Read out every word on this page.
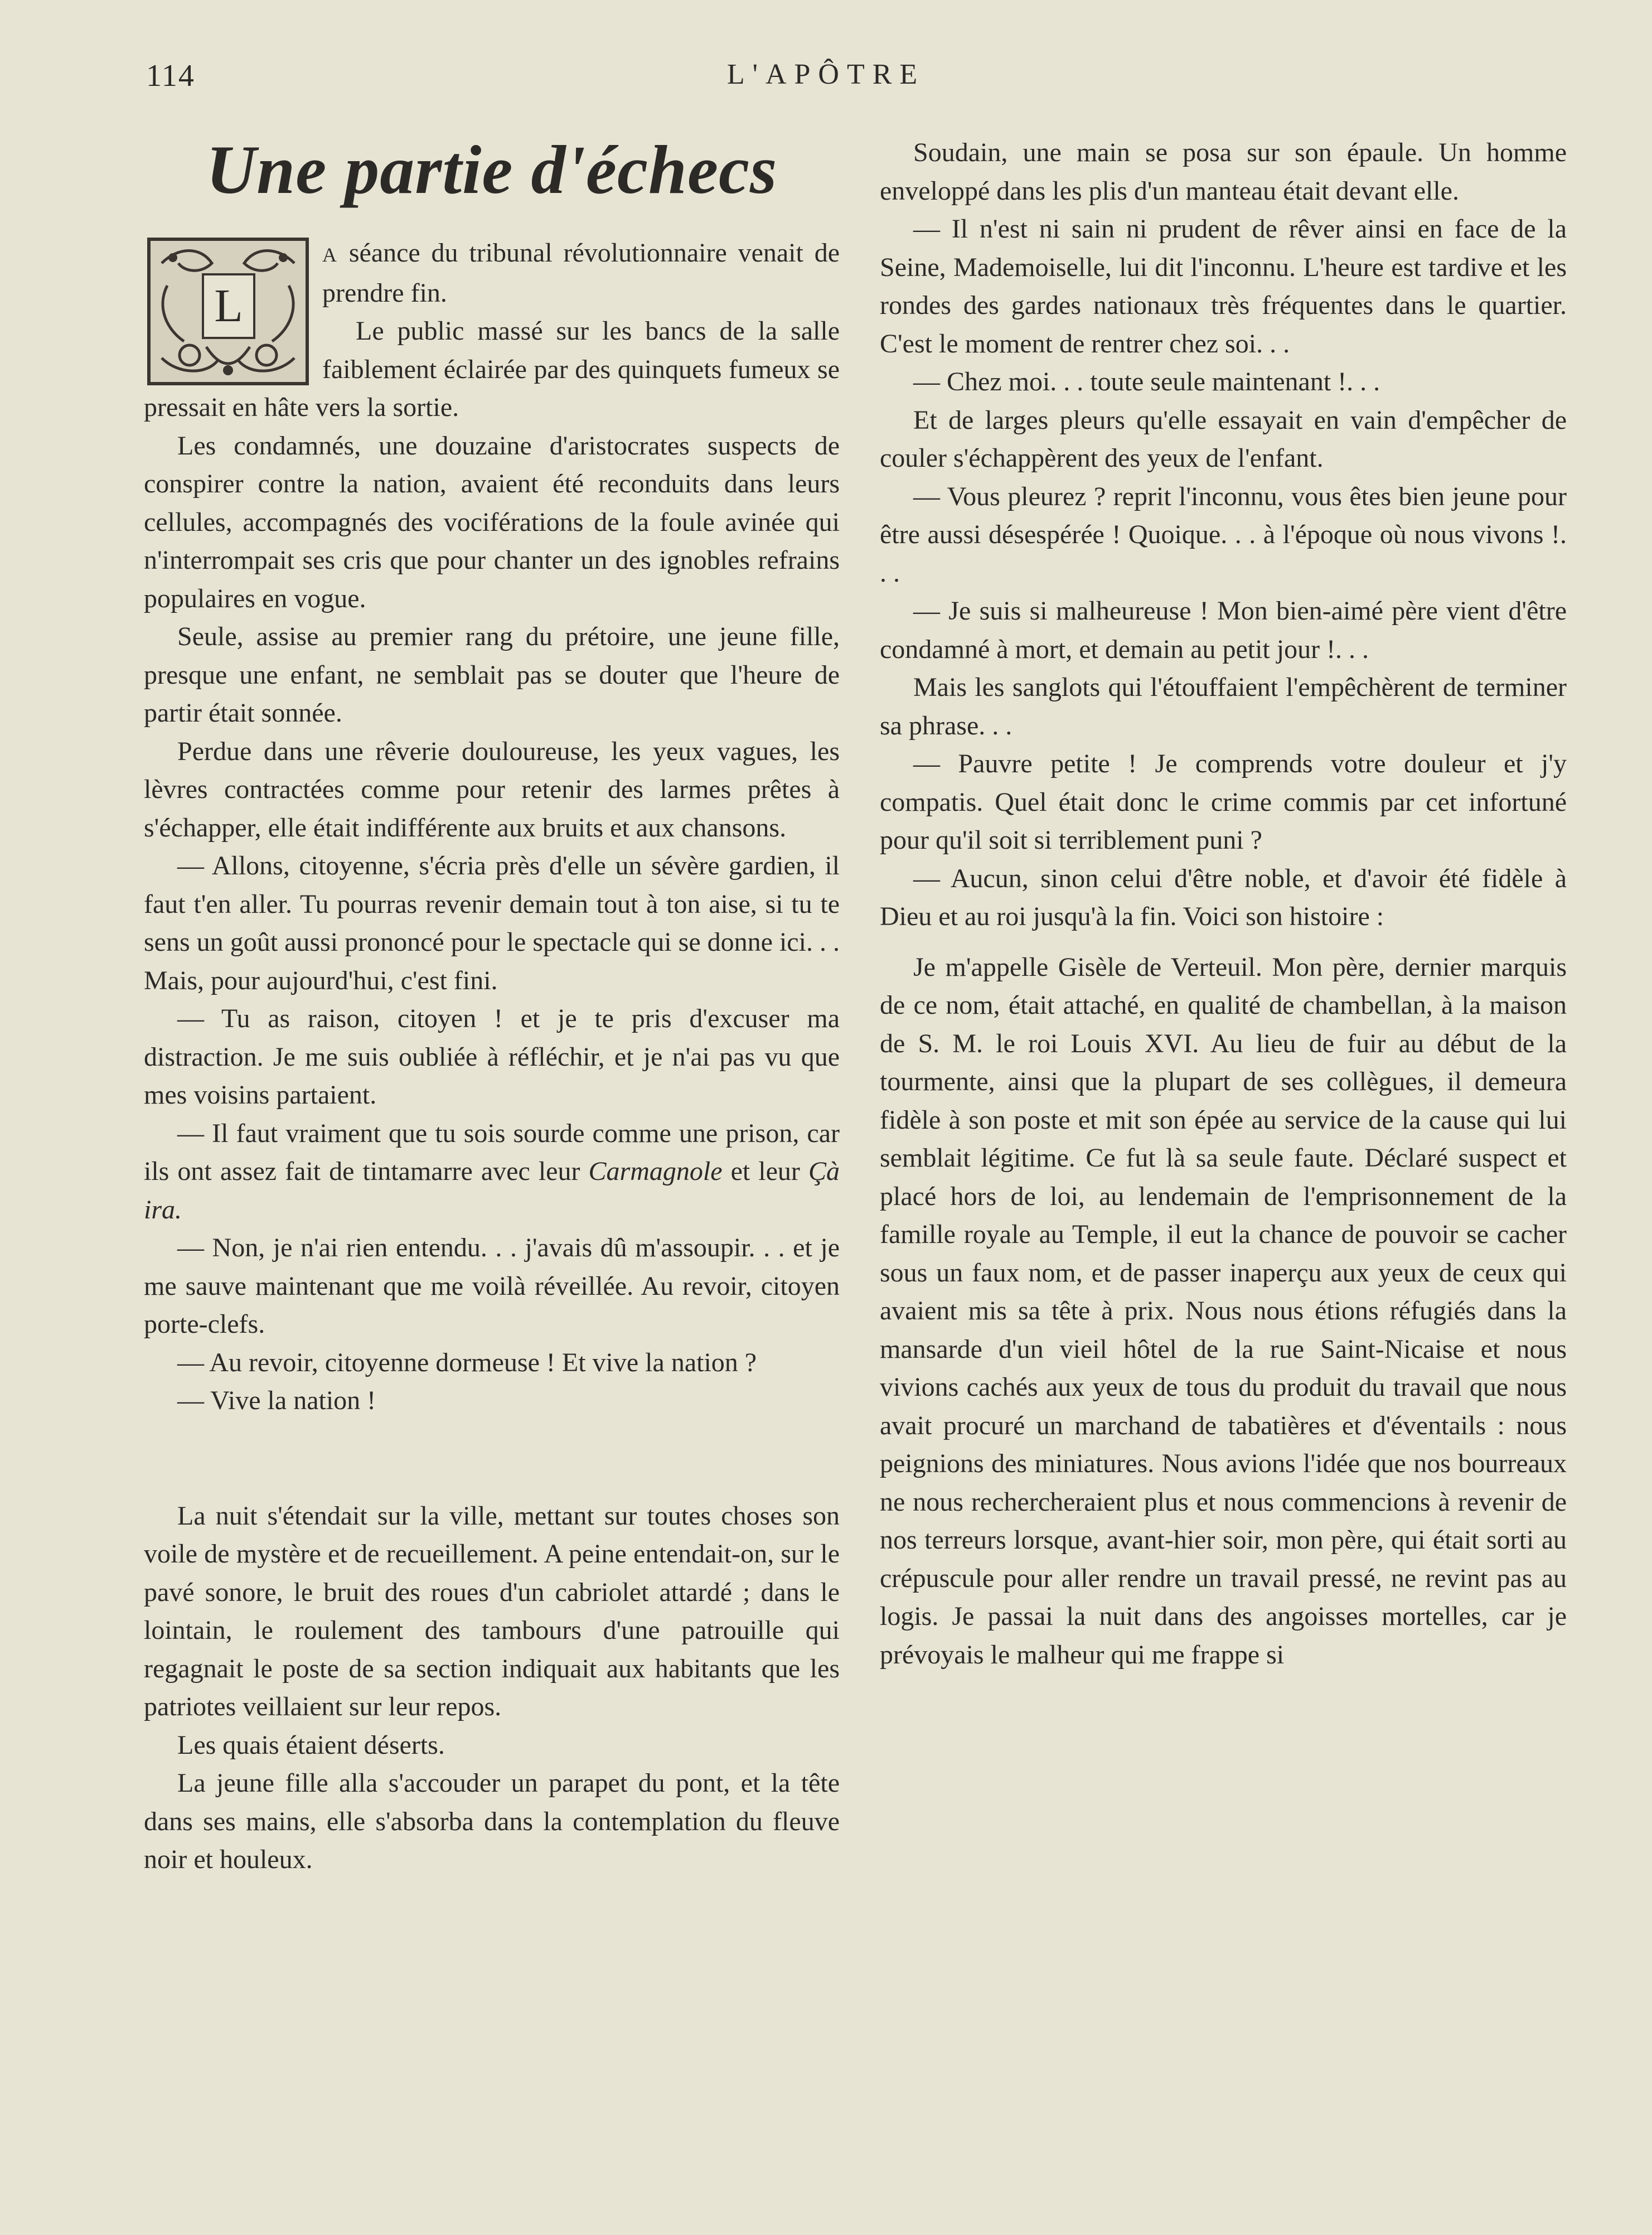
114	L'APÔTRE
Une partie d'échecs

L
A séance du tribunal révolutionnaire venait de prendre fin.

Le public massé sur les bancs de la salle faiblement éclairée par des quinquets fumeux se pressait en hâte vers la sortie.

Les condamnés, une douzaine d'aristocrates suspects de conspirer contre la nation, avaient été reconduits dans leurs cellules, accompagnés des vociférations de la foule avinée qui n'interrompait ses cris que pour chanter un des ignobles refrains populaires en vogue.

Seule, assise au premier rang du prétoire, une jeune fille, presque une enfant, ne semblait pas se douter que l'heure de partir était sonnée.

Perdue dans une rêverie douloureuse, les yeux vagues, les lèvres contractées comme pour retenir des larmes prêtes à s'échapper, elle était indifférente aux bruits et aux chansons.

— Allons, citoyenne, s'écria près d'elle un sévère gardien, il faut t'en aller. Tu pourras revenir demain tout à ton aise, si tu te sens un goût aussi prononcé pour le spectacle qui se donne ici. . . Mais, pour aujourd'hui, c'est fini.

— Tu as raison, citoyen ! et je te pris d'excuser ma distraction. Je me suis oubliée à réfléchir, et je n'ai pas vu que mes voisins partaient.

— Il faut vraiment que tu sois sourde comme une prison, car ils ont assez fait de tintamarre avec leur Carmagnole et leur Çà ira.

— Non, je n'ai rien entendu. . . j'avais dû m'assoupir. . . et je me sauve maintenant que me voilà réveillée. Au revoir, citoyen porte-clefs.

— Au revoir, citoyenne dormeuse ! Et vive la nation ?

— Vive la nation !

La nuit s'étendait sur la ville, mettant sur toutes choses son voile de mystère et de recueillement. A peine entendait-on, sur le pavé sonore, le bruit des roues d'un cabriolet attardé ; dans le lointain, le roulement des tambours d'une patrouille qui regagnait le poste de sa section indiquait aux habitants que les patriotes veillaient sur leur repos.

Les quais étaient déserts.

La jeune fille alla s'accouder un parapet du pont, et la tête dans ses mains, elle s'absorba dans la contemplation du fleuve noir et houleux.

Soudain, une main se posa sur son épaule. Un homme enveloppé dans les plis d'un manteau était devant elle.

— Il n'est ni sain ni prudent de rêver ainsi en face de la Seine, Mademoiselle, lui dit l'inconnu. L'heure est tardive et les rondes des gardes nationaux très fréquentes dans le quartier. C'est le moment de rentrer chez soi. . .

— Chez moi. . . toute seule maintenant !. . .

Et de larges pleurs qu'elle essayait en vain d'empêcher de couler s'échappèrent des yeux de l'enfant.

— Vous pleurez ? reprit l'inconnu, vous êtes bien jeune pour être aussi désespérée ! Quoique. . . à l'époque où nous vivons !. . .

— Je suis si malheureuse ! Mon bien-aimé père vient d'être condamné à mort, et demain au petit jour !. . .

Mais les sanglots qui l'étouffaient l'empêchèrent de terminer sa phrase. . .

— Pauvre petite ! Je comprends votre douleur et j'y compatis. Quel était donc le crime commis par cet infortuné pour qu'il soit si terriblement puni ?

— Aucun, sinon celui d'être noble, et d'avoir été fidèle à Dieu et au roi jusqu'à la fin. Voici son histoire :

Je m'appelle Gisèle de Verteuil. Mon père, dernier marquis de ce nom, était attaché, en qualité de chambellan, à la maison de S. M. le roi Louis XVI. Au lieu de fuir au début de la tourmente, ainsi que la plupart de ses collègues, il demeura fidèle à son poste et mit son épée au service de la cause qui lui semblait légitime. Ce fut là sa seule faute. Déclaré suspect et placé hors de loi, au lendemain de l'emprisonnement de la famille royale au Temple, il eut la chance de pouvoir se cacher sous un faux nom, et de passer inaperçu aux yeux de ceux qui avaient mis sa tête à prix. Nous nous étions réfugiés dans la mansarde d'un vieil hôtel de la rue Saint-Nicaise et nous vivions cachés aux yeux de tous du produit du travail que nous avait procuré un marchand de tabatières et d'éventails : nous peignions des miniatures. Nous avions l'idée que nos bourreaux ne nous rechercheraient plus et nous commencions à revenir de nos terreurs lorsque, avant-hier soir, mon père, qui était sorti au crépuscule pour aller rendre un travail pressé, ne revint pas au logis. Je passai la nuit dans des angoisses mortelles, car je prévoyais le malheur qui me frappe si
